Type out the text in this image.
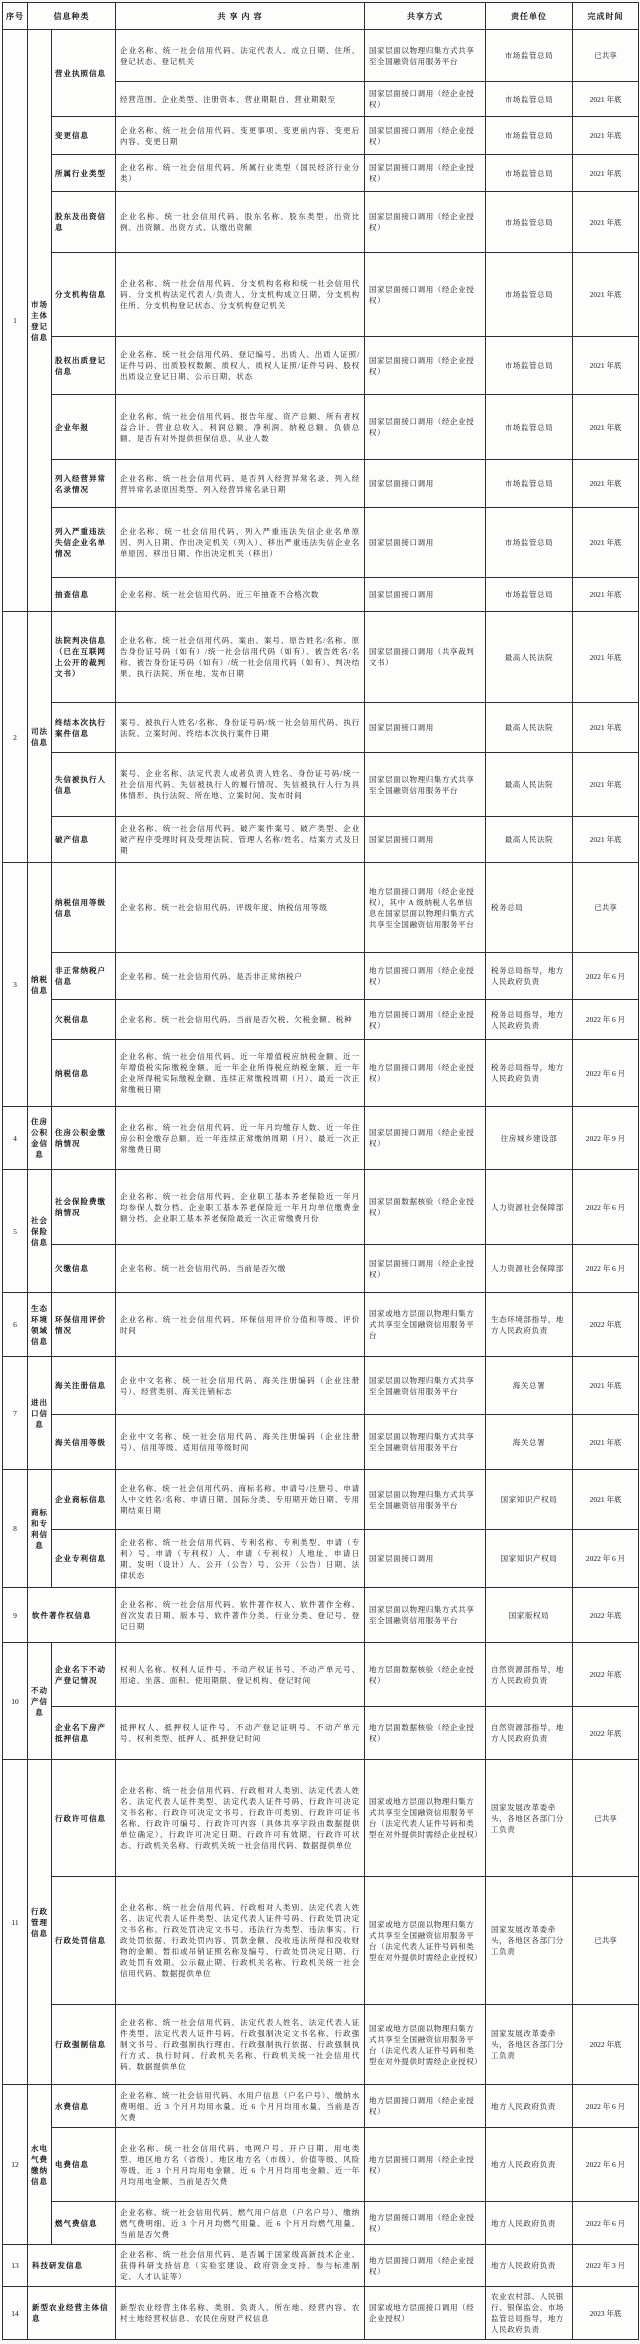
序号	信息种类		共 享 内 容	共享方式	责任单位	完成时间
1	市场主体登记信息	营业执照信息	企业名称、统一社会信用代码、法定代表人、成立日期、住所、登记状态、登记机关	国家层面以物理归集方式共享至全国融资信用服务平台	市场监管总局	已共享
			经营范围、企业类型、注册资本、营业期限自、营业期限至	国家层面接口调用（经企业授权）	市场监管总局	2021 年底
		变更信息	企业名称、统一社会信用代码、变更事项、变更前内容、变更后内容、变更日期	国家层面接口调用（经企业授权）	市场监管总局	2021 年底
		所属行业类型	企业名称、统一社会信用代码、所属行业类型（国民经济行业分类）	国家层面接口调用（经企业授权）	市场监管总局	2021 年底
		股东及出资信息	企业名称、统一社会信用代码、股东名称、股东类型、出资比例、出资额、出资方式、认缴出资额	国家层面接口调用（经企业授权）	市场监管总局	2021 年底
		分支机构信息	企业名称、统一社会信用代码、分支机构名称和统一社会信用代码、分支机构法定代表人/负责人、分支机构成立日期、分支机构住所、分支机构登记状态、分支机构登记机关	国家层面接口调用（经企业授权）	市场监管总局	2021 年底
		股权出质登记信息	企业名称、统一社会信用代码、登记编号、出质人、出质人证照/证件号码、出质股权数额、质权人、质权人证照/证件号码、股权出质设立登记日期、公示日期、状态	国家层面接口调用（经企业授权）	市场监管总局	2021 年底
		企业年报	企业名称、统一社会信用代码、报告年度、资产总额、所有者权益合计、营业总收入、利润总额、净利润、纳税总额、负债总额、是否有对外提供担保信息、从业人数	国家层面接口调用（经企业授权）	市场监管总局	2021 年底
		列入经营异常名录情况	企业名称、统一社会信用代码、是否列入经营异常名录、列入经营异常名录原因类型、列入经营异常名录日期	国家层面接口调用	市场监管总局	2021 年底
		列入严重违法失信企业名单情况	企业名称、统一社会信用代码、列入严重违法失信企业名单原因、列入日期、作出决定机关（列入）、移出严重违法失信企业名单原因、移出日期、作出决定机关（移出）	国家层面接口调用	市场监管总局	2021 年底
		抽查信息	企业名称、统一社会信用代码、近三年抽查不合格次数	国家层面接口调用	市场监管总局	2021 年底
2	司法信息	法院判决信息（已在互联网上公开的裁判文书）	企业名称、统一社会信用代码、案由、案号、原告姓名/名称、原告身份证号码（如有）/统一社会信用代码（如有）、被告姓名/名称、被告身份证号码（如有）/统一社会信用代码（如有）、判决结果、执行法院、所在地、发布日期	国家层面接口调用（共享裁判文书）	最高人民法院	2021 年底
		终结本次执行案件信息	案号、被执行人姓名/名称、身份证号码/统一社会信用代码、执行法院、立案时间、终结本次执行案件日期	国家层面接口调用	最高人民法院	2021 年底
		失信被执行人信息	案号、企业名称、法定代表人或者负责人姓名、身份证号码/统一社会信用代码、失信被执行人的履行情况、失信被执行人行为具体情形、执行法院、所在地、立案时间、发布时间	国家层面以物理归集方式共享至全国融资信用服务平台	最高人民法院	2021 年底
		破产信息	企业名称、统一社会信用代码、破产案件案号、破产类型、企业破产程序受理时间及受理法院、管理人名称/姓名、结案方式及日期	国家层面接口调用	最高人民法院	2021 年底
3	纳税信息	纳税信用等级信息	企业名称、统一社会信用代码、评级年度、纳税信用等级	地方层面接口调用（经企业授权），其中 A 级纳税人名单信息在国家层面以物理归集方式共享至全国融资信用服务平台	税务总局	已共享
		非正常纳税户信息	企业名称、统一社会信用代码、是否非正常纳税户	地方层面接口调用（经企业授权）	税务总局指导，地方人民政府负责	2022 年 6 月
		欠税信息	企业名称、统一社会信用代码、当前是否欠税、欠税金额、税种	地方层面接口调用（经企业授权）	税务总局指导，地方人民政府负责	2022 年 6 月
		纳税信息	企业名称、统一社会信用代码、近一年增值税应纳税金额、近一年增值税实际缴税金额、近一年企业所得税应纳税金额、近一年企业所得税实际缴税金额、连续正常缴税周期（月）、最近一次正常缴税日期	地方层面接口调用（经企业授权）	税务总局指导，地方人民政府负责	2022 年 6 月
4	住房公积金信息	住房公积金缴纳情况	企业名称、统一社会信用代码、近一年月均缴存人数、近一年住房公积金缴存总额、近一年连续正常缴纳周期（月）、最近一次正常缴费日期	国家层面接口调用（经企业授权）	住房城乡建设部	2022 年 9 月
5	社会保险信息	社会保险费缴纳情况	企业名称、统一社会信用代码、企业职工基本养老保险近一年月均参保人数分档、企业职工基本养老保险近一年月均单位缴费金额分档、企业职工基本养老保险最近一次正常缴费月份	国家层面数据核验（经企业授权）	人力资源社会保障部	2022 年 6 月
		欠缴信息	企业名称、统一社会信用代码、当前是否欠缴	国家层面接口调用（经企业授权）	人力资源社会保障部	2022 年 6 月
6	生态环境领域信息	环保信用评价情况	企业名称、统一社会信用代码、环保信用评价分值和等级、评价时间	国家或地方层面以物理归集方式共享至全国融资信用服务平台	生态环境部指导，地方人民政府负责	2022 年底
7	进出口信息	海关注册信息	企业中文名称、统一社会信用代码、海关注册编码（企业注册号）、经营类别、海关注销标志	国家层面以物理归集方式共享至全国融资信用服务平台	海关总署	2021 年底
		海关信用等级	企业中文名称、统一社会信用代码、海关注册编码（企业注册号）、信用等级、适用信用等级时间	国家层面以物理归集方式共享至全国融资信用服务平台	海关总署	2021 年底
8	商标和专利信息	企业商标信息	企业名称、统一社会信用代码、商标名称、申请号/注册号、申请人中文姓名/名称、申请日期、国际分类、专用期开始日期、专用期结束日期	国家层面以物理归集方式共享至全国融资信用服务平台	国家知识产权局	2021 年底
		企业专利信息	企业名称、统一社会信用代码、专利名称、专利类型、申请（专利）号、申请（专利权）人、申请（专利权）人地址、申请日期、发明（设计）人、公开（公告）号、公开（公告）日期、法律状态	国家层面接口调用	国家知识产权局	2022 年 6 月
9	软件著作权信息		企业名称、统一社会信用代码、软件著作权人、软件著作全称、首次发表日期、版本号、软件著作分类、行业分类、登记号、登记日期	国家层面以物理归集方式共享至全国融资信用服务平台	国家版权局	2022 年底
10	不动产信息	企业名下不动产登记情况	权利人名称、权利人证件号、不动产权证书号、不动产单元号、用途、坐落、面积、使用期限、登记机构、登记时间	地方层面数据核验（经企业授权）	自然资源部指导，地方人民政府负责	2022 年底
		企业名下房产抵押信息	抵押权人、抵押权人证件号、不动产登记证明号、不动产单元号、权利类型、抵押人、抵押登记时间	地方层面数据核验（经企业授权）	自然资源部指导，地方人民政府负责	2022 年底
11	行政管理信息	行政许可信息	企业名称、统一社会信用代码、行政相对人类别、法定代表人姓名、法定代表人证件类型、法定代表人证件号码、行政许可决定文书名称、行政许可决定文书号、行政许可类别、行政许可证书名称、行政许可编号、行政许可内容（具体共享字段由数据提供单位确定）、行政许可决定日期、行政许可有效期、行政许可状态、行政机关名称、行政机关统一社会信用代码、数据提供单位	国家或地方层面以物理归集方式共享至全国融资信用服务平台（法定代表人证件号码和类型在对外提供时需经企业授权）	国家发展改革委牵头，各地区各部门分工负责	已共享
		行政处罚信息	企业名称、统一社会信用代码、行政相对人类别、法定代表人姓名、法定代表人证件类型、法定代表人证件号码、行政处罚决定文书名称、行政处罚决定文书号、违法行为类型、违法事实、行政处罚依据、行政处罚内容、罚款金额、没收违法所得和没收财物的金额、暂扣或吊销证照名称及编号、行政处罚决定日期、行政处罚有效期、公示截止期、行政机关名称、行政机关统一社会信用代码、数据提供单位	国家或地方层面以物理归集方式共享至全国融资信用服务平台（法定代表人证件号码和类型在对外提供时需经企业授权）	国家发展改革委牵头，各地区各部门分工负责	已共享
		行政强制信息	企业名称、统一社会信用代码、法定代表人姓名、法定代表人证件类型、法定代表人证件号码、行政强制决定文书名称、行政强制文书号、行政强制执行理由、行政强制执行依据、行政强制执行方式、执行时间、行政机关名称、行政机关统一社会信用代码、数据提供单位	国家或地方层面以物理归集方式共享至全国融资信用服务平台（法定代表人证件号码和类型在对外提供时需经企业授权）	国家发展改革委牵头，各地区各部门分工负责	2022 年底
12	水电气费缴纳信息	水费信息	企业名称、统一社会信用代码、水用户信息（户名户号）、缴纳水费明细、近 3 个月月均用水量、近 6 个月月均用水量、当前是否欠费	地方层面接口调用（经企业授权）	地方人民政府负责	2022 年 6 月
		电费信息	企业名称、统一社会信用代码、电网户号、开户日期、用电类型、地区地方名（省级）、地区地方名（市级）、价值等级、风险等级、近 3 个月月均用电金额、近 6 个月月均用电金额、近一年月均用电金额、当前是否欠费	地方层面接口调用（经企业授权）	地方人民政府负责	2022 年 6 月
		燃气费信息	企业名称、统一社会信用代码、燃气用户信息（户名户号）、缴纳燃气费明细、近 3 个月月均燃气用量、近 6 个月月均燃气用量、当前是否欠费	地方层面接口调用（经企业授权）	地方人民政府负责	2022 年 6 月
13	科技研发信息		企业名称、统一社会信用代码、是否属于国家级高新技术企业、获得科研支持信息（实验室建设、政府资金支持、参与标准制定、人才认证等）	地方层面接口调用（经企业授权）	地方人民政府负责	2022 年 3 月
14	新型农业经营主体信息		新型农业经营主体名称、类别、负责人、所在地、经营内容、农村土地经营权信息、农民住房财产权信息	国家或地方层面接口调用（经企业授权）	农业农村部、人民银行、银保监会、市场监管总局指导，地方人民政府负责	2023 年底
